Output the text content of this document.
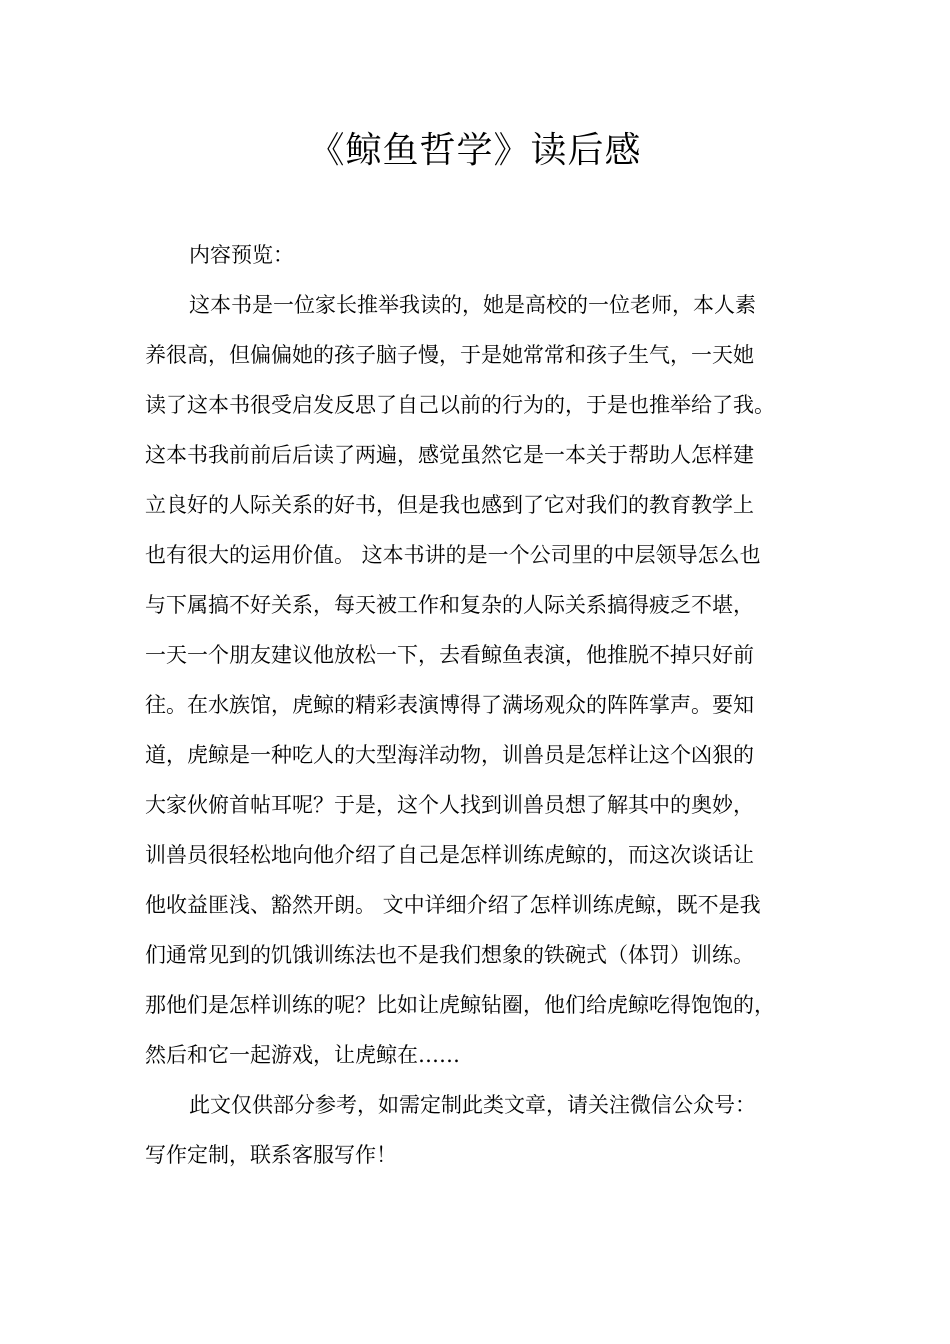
《鲸鱼哲学》读后感
内容预览：
这本书是一位家长推举我读的，她是高校的一位老师，本人素
养很高，但偏偏她的孩子脑子慢，于是她常常和孩子生气，一天她
读了这本书很受启发反思了自己以前的行为的，于是也推举给了我。
这本书我前前后后读了两遍，感觉虽然它是一本关于帮助人怎样建
立良好的人际关系的好书，但是我也感到了它对我们的教育教学上
也有很大的运用价值。 这本书讲的是一个公司里的中层领导怎么也
与下属搞不好关系，每天被工作和复杂的人际关系搞得疲乏不堪，
一天一个朋友建议他放松一下，去看鲸鱼表演，他推脱不掉只好前
往。在水族馆，虎鲸的精彩表演博得了满场观众的阵阵掌声。要知
道，虎鲸是一种吃人的大型海洋动物，训兽员是怎样让这个凶狠的
大家伙俯首帖耳呢？于是，这个人找到训兽员想了解其中的奥妙，
训兽员很轻松地向他介绍了自己是怎样训练虎鲸的，而这次谈话让
他收益匪浅、豁然开朗。 文中详细介绍了怎样训练虎鲸，既不是我
们通常见到的饥饿训练法也不是我们想象的铁碗式（体罚）训练。
那他们是怎样训练的呢？比如让虎鲸钻圈，他们给虎鲸吃得饱饱的，
然后和它一起游戏，让虎鲸在……
此文仅供部分参考，如需定制此类文章，请关注微信公众号：
写作定制，联系客服写作！
